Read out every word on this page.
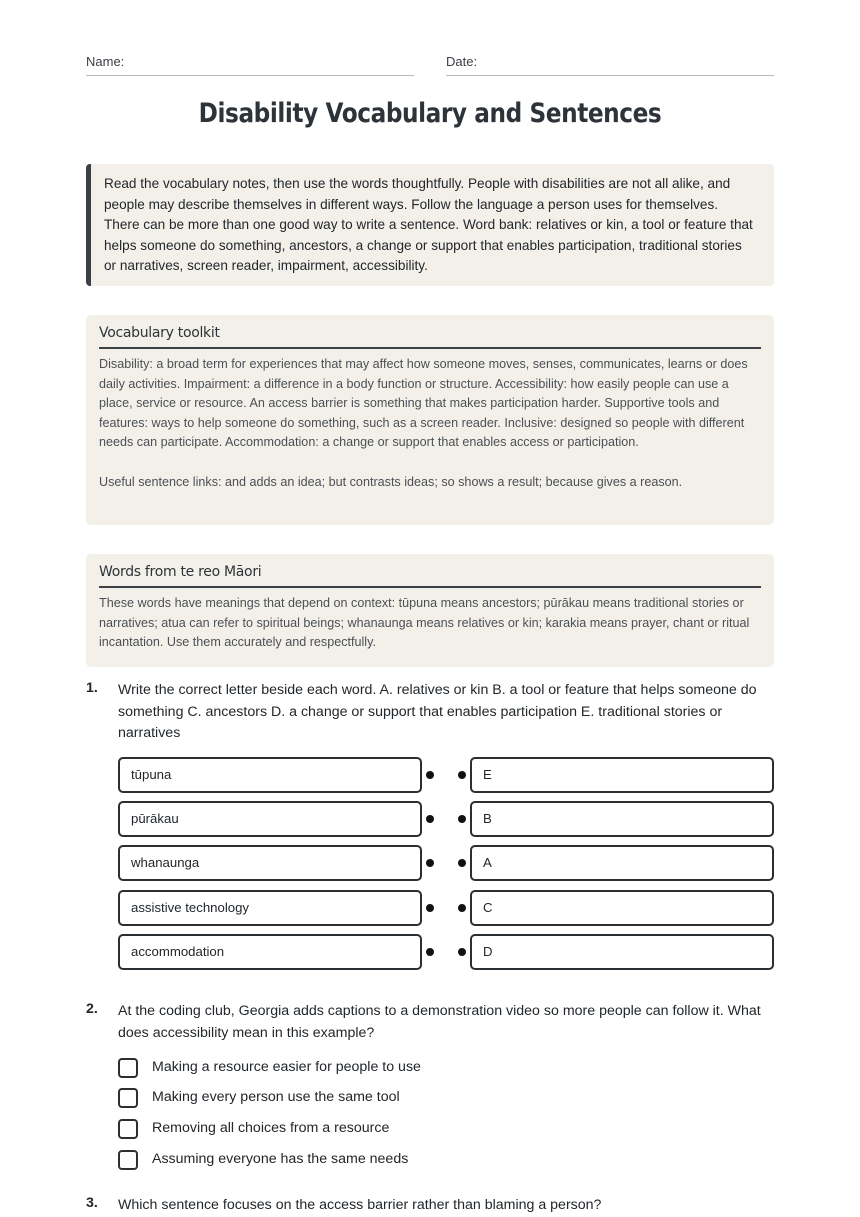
Name:	Date:
Disability Vocabulary and Sentences
Read the vocabulary notes, then use the words thoughtfully. People with disabilities are not all alike, and people may describe themselves in different ways. Follow the language a person uses for themselves. There can be more than one good way to write a sentence. Word bank: relatives or kin, a tool or feature that helps someone do something, ancestors, a change or support that enables participation, traditional stories or narratives, screen reader, impairment, accessibility.
Vocabulary toolkit

Disability: a broad term for experiences that may affect how someone moves, senses, communicates, learns or does daily activities. Impairment: a difference in a body function or structure. Accessibility: how easily people can use a place, service or resource. An access barrier is something that makes participation harder. Supportive tools and features: ways to help someone do something, such as a screen reader. Inclusive: designed so people with different needs can participate. Accommodation: a change or support that enables access or participation.

Useful sentence links: and adds an idea; but contrasts ideas; so shows a result; because gives a reason.

Words from te reo Māori
These words have meanings that depend on context: tūpuna means ancestors; pūrākau means traditional stories or narratives; atua can refer to spiritual beings; whanaunga means relatives or kin; karakia means prayer, chant or ritual incantation. Use them accurately and respectfully.
1. Write the correct letter beside each word. A. relatives or kin B. a tool or feature that helps someone do something C. ancestors D. a change or support that enables participation E. traditional stories or narratives
tūpuna	E
pūrākau	B
whanaunga	A
assistive technology	C
accommodation	D
2. At the coding club, Georgia adds captions to a demonstration video so more people can follow it. What does accessibility mean in this example?
Making a resource easier for people to use
Making every person use the same tool
Removing all choices from a resource
Assuming everyone has the same needs
3. Which sentence focuses on the access barrier rather than blaming a person?
